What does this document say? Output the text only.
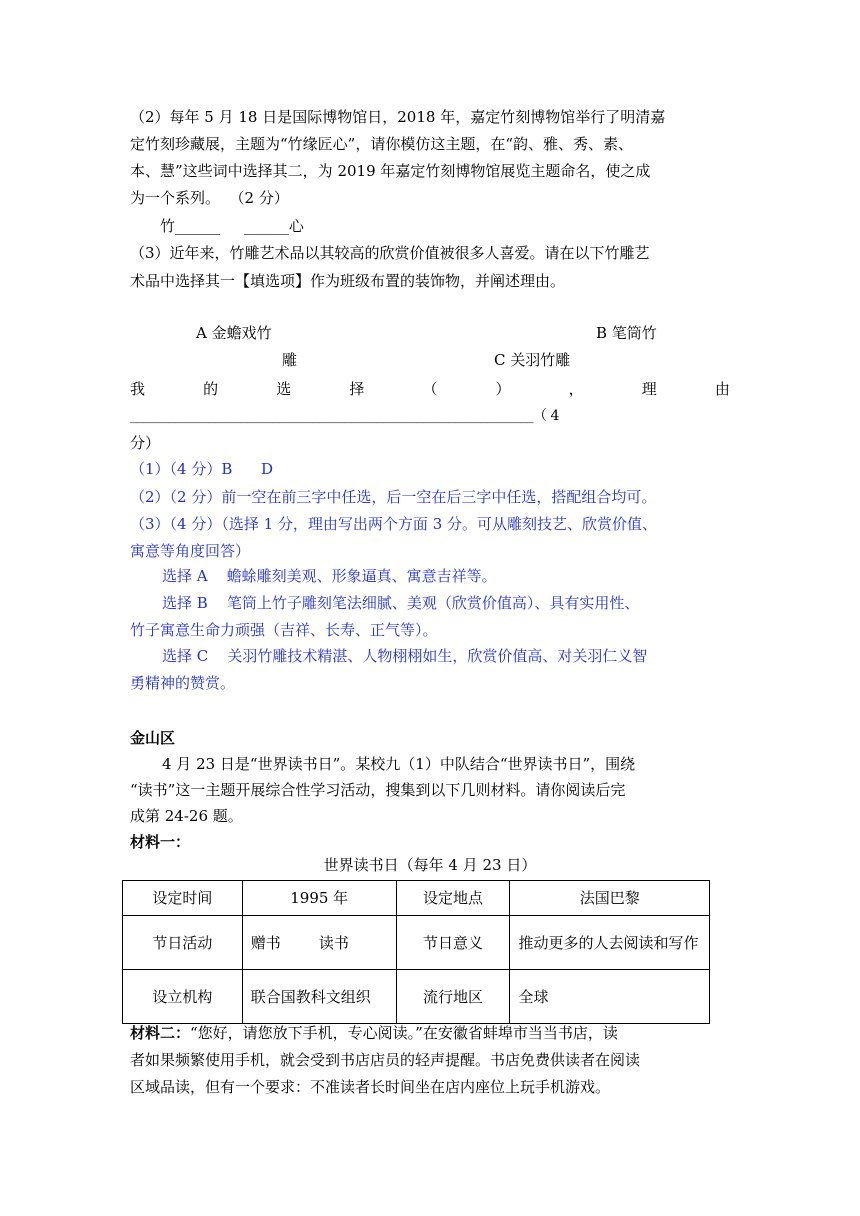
（2）每年 5 月 18 日是国际博物馆日，2018 年，嘉定竹刻博物馆举行了明清嘉
定竹刻珍藏展，主题为“竹缘匠心”，请你模仿这主题，在“韵、雅、秀、素、
本、慧”这些词中选择其二，为 2019 年嘉定竹刻博物馆展览主题命名，使之成
为一个系列。  （2 分）
竹______     ______心
（3）近年来，竹雕艺术品以其较高的欣赏价值被很多人喜爱。请在以下竹雕艺
术品中选择其一【填选项】作为班级布置的装饰物，并阐述理由。
A 金蟾戏竹	B 笔筒竹
雕	C 关羽竹雕
我	的	选	择	（	）	，	理	由
______________________________________________________________（ 4
分）
（1）（4 分）B      D
（2）（2 分）前一空在前三字中任选，后一空在后三字中任选，搭配组合均可。
（3）（4 分）（选择 1 分，理由写出两个方面 3 分。可从雕刻技艺、欣赏价值、
寓意等角度回答）
选择 A    蟾蜍雕刻美观、形象逼真、寓意吉祥等。
选择 B    笔筒上竹子雕刻笔法细腻、美观（欣赏价值高）、具有实用性、
竹子寓意生命力顽强（吉祥、长寿、正气等）。
选择 C    关羽竹雕技术精湛、人物栩栩如生，欣赏价值高、对关羽仁义智
勇精神的赞赏。
金山区
4 月 23 日是“世界读书日”。某校九（1）中队结合“世界读书日”，围绕
“读书”这一主题开展综合性学习活动，搜集到以下几则材料。请你阅读后完
成第 24-26 题。
材料一：
世界读书日（每年 4 月 23 日）
设定时间	1995 年	设定地点	法国巴黎
节日活动	赠书        读书	节日意义	推动更多的人去阅读和写作
设立机构	联合国教科文组织	流行地区	全球
材料二：“您好，请您放下手机，专心阅读。”在安徽省蚌埠市当当书店，读
者如果频繁使用手机，就会受到书店店员的轻声提醒。书店免费供读者在阅读
区域品读，但有一个要求：不准读者长时间坐在店内座位上玩手机游戏。
